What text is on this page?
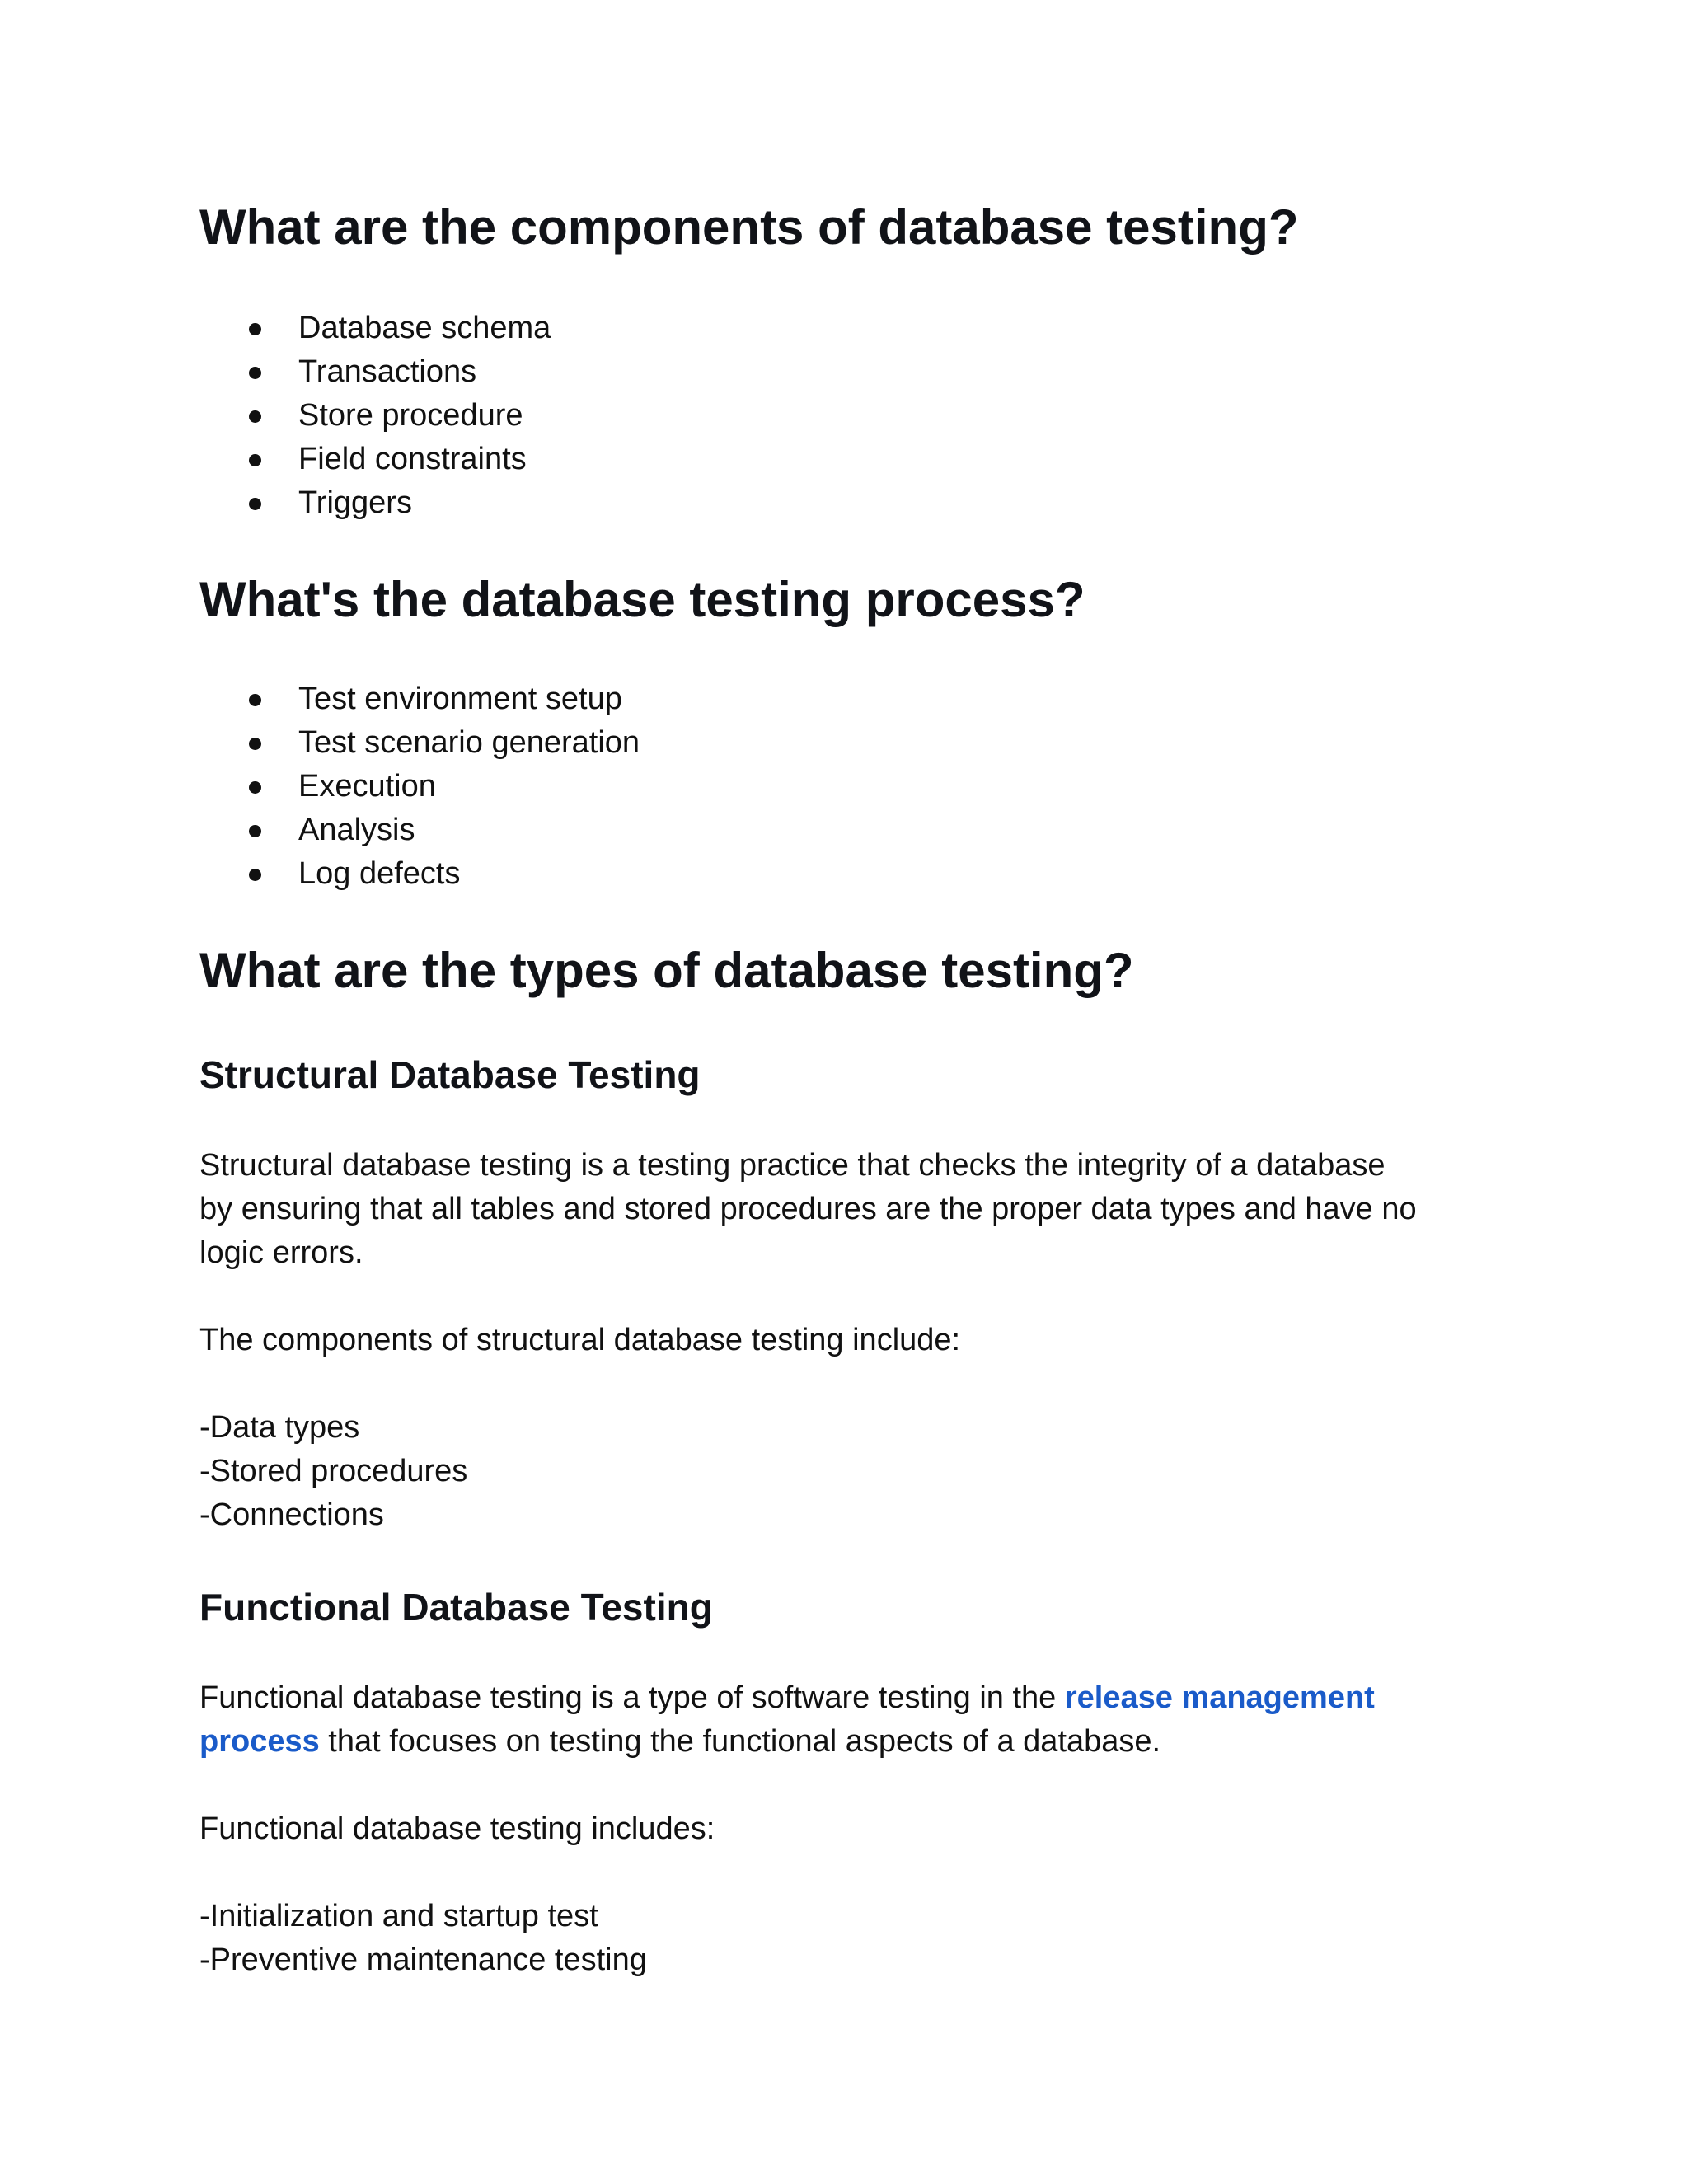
What are the components of database testing?
Database schema
Transactions
Store procedure
Field constraints
Triggers
What's the database testing process?
Test environment setup
Test scenario generation
Execution
Analysis
Log defects
What are the types of database testing?
Structural Database Testing

Structural database testing is a testing practice that checks the integrity of a database

by ensuring that all tables and stored procedures are the proper data types and have no

logic errors.

The components of structural database testing include:

-Data types

-Stored procedures

-Connections

Functional Database Testing

Functional database testing is a type of software testing in the release management

process that focuses on testing the functional aspects of a database.

Functional database testing includes:

-Initialization and startup test

-Preventive maintenance testing
